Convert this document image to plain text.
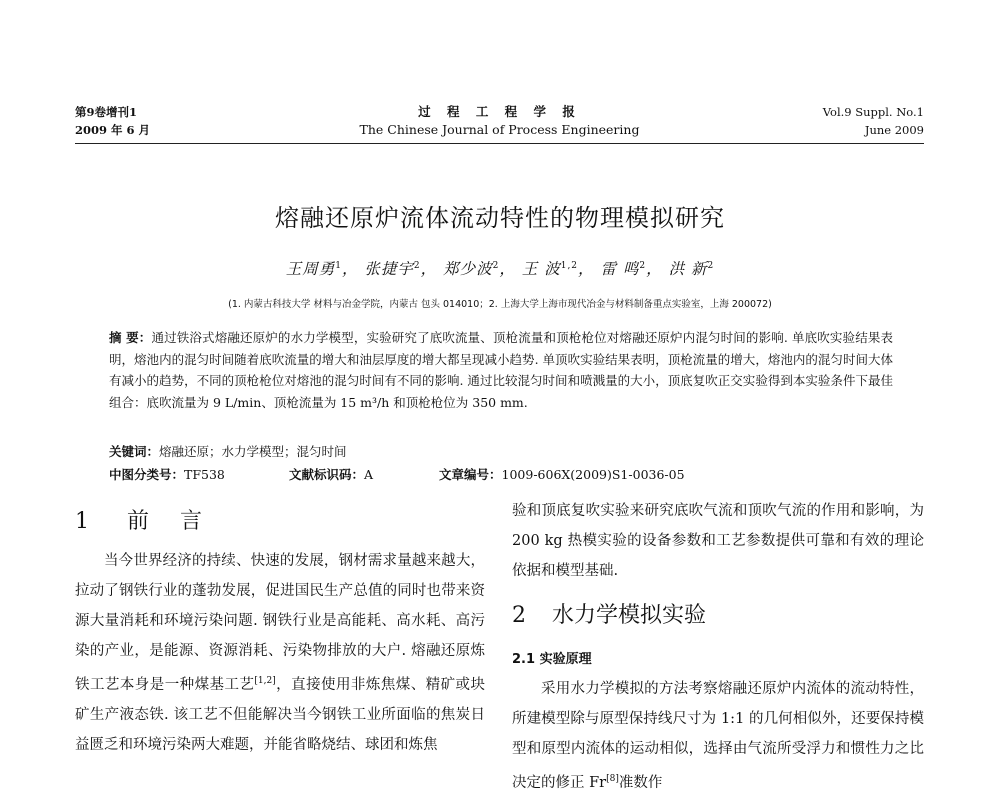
第9卷增刊1
2009 年 6 月
过 程 工 程 学 报
The Chinese Journal of Process Engineering
Vol.9 Suppl. No.1
June 2009
熔融还原炉流体流动特性的物理模拟研究
王周勇$^1$， 张捷宇$^2$， 郑少波$^2$， 王 波$^{1,2}$， 雷 鸣$^2$， 洪 新$^2$
(1. 内蒙古科技大学 材料与冶金学院，内蒙古 包头 014010；2. 上海大学上海市现代冶金与材料制备重点实验室，上海 200072)
摘 要：通过铁浴式熔融还原炉的水力学模型，实验研究了底吹流量、顶枪流量和顶枪枪位对熔融还原炉内混匀时间的影响. 单底吹实验结果表明，熔池内的混匀时间随着底吹流量的增大和油层厚度的增大都呈现减小趋势. 单顶吹实验结果表明，顶枪流量的增大，熔池内的混匀时间大体有减小的趋势，不同的顶枪枪位对熔池的混匀时间有不同的影响. 通过比较混匀时间和喷溅量的大小，顶底复吹正交实验得到本实验条件下最佳组合：底吹流量为 9 L/min、顶枪流量为 15 m³/h 和顶枪枪位为 350 mm.
关键词：熔融还原；水力学模型；混匀时间
中图分类号：TF538	文献标识码：A	文章编号：1009-606X(2009)S1-0036-05
1 前 言

当今世界经济的持续、快速的发展，钢材需求量越来越大，拉动了钢铁行业的蓬勃发展，促进国民生产总值的同时也带来资源大量消耗和环境污染问题. 钢铁行业是高能耗、高水耗、高污染的产业，是能源、资源消耗、污染物排放的大户. 熔融还原炼铁工艺本身是一种煤基工艺[1,2]，直接使用非炼焦煤、精矿或块矿生产液态铁. 该工艺不但能解决当今钢铁工业所面临的焦炭日益匮乏和环境污染两大难题，并能省略烧结、球团和炼焦

验和顶底复吹实验来研究底吹气流和顶吹气流的作用和影响，为 200 kg 热模实验的设备参数和工艺参数提供可靠和有效的理论依据和模型基础.

2 水力学模拟实验
2.1 实验原理

采用水力学模拟的方法考察熔融还原炉内流体的流动特性，所建模型除与原型保持线尺寸为 1:1 的几何相似外，还要保持模型和原型内流体的运动相似，选择由气流所受浮力和惯性力之比决定的修正 Fr[8]准数作
